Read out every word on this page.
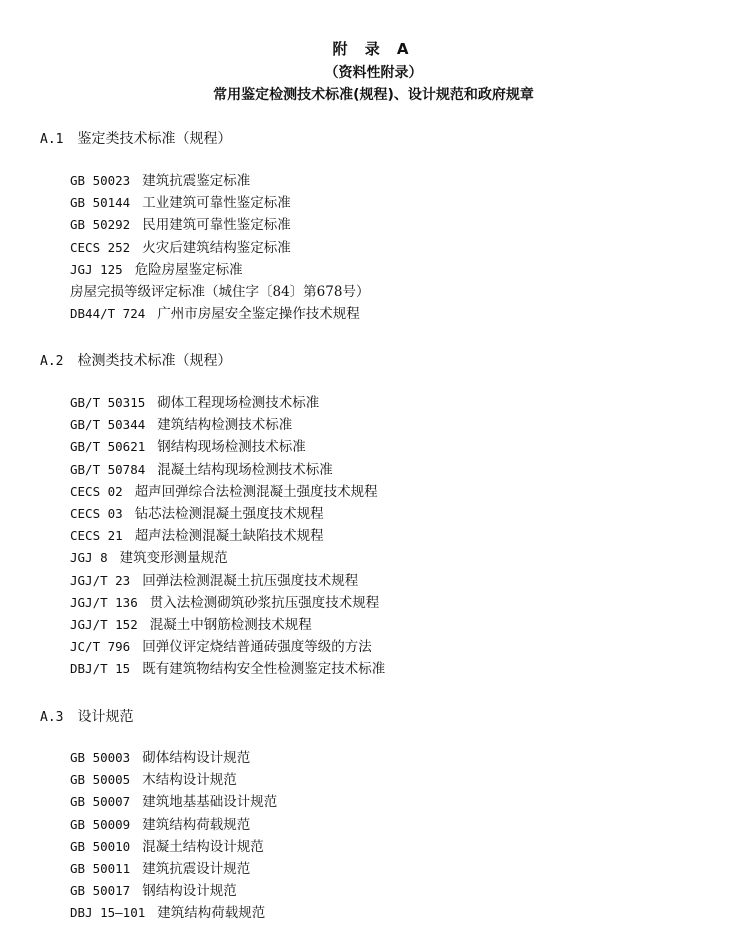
附 录 A
（资料性附录）
常用鉴定检测技术标准(规程)、设计规范和政府规章
A.1 鉴定类技术标准（规程）
GB 50023 建筑抗震鉴定标准
GB 50144 工业建筑可靠性鉴定标准
GB 50292 民用建筑可靠性鉴定标准
CECS 252 火灾后建筑结构鉴定标准
JGJ 125 危险房屋鉴定标准
房屋完损等级评定标准（城住字〔84〕第678号）
DB44/T 724 广州市房屋安全鉴定操作技术规程
A.2 检测类技术标准（规程）
GB/T 50315 砌体工程现场检测技术标准
GB/T 50344 建筑结构检测技术标准
GB/T 50621 钢结构现场检测技术标准
GB/T 50784 混凝土结构现场检测技术标准
CECS 02 超声回弹综合法检测混凝土强度技术规程
CECS 03 钻芯法检测混凝土强度技术规程
CECS 21 超声法检测混凝土缺陷技术规程
JGJ 8 建筑变形测量规范
JGJ/T 23 回弹法检测混凝土抗压强度技术规程
JGJ/T 136 贯入法检测砌筑砂浆抗压强度技术规程
JGJ/T 152 混凝土中钢筋检测技术规程
JC/T 796 回弹仪评定烧结普通砖强度等级的方法
DBJ/T 15 既有建筑物结构安全性检测鉴定技术标准
A.3 设计规范
GB 50003 砌体结构设计规范
GB 50005 木结构设计规范
GB 50007 建筑地基基础设计规范
GB 50009 建筑结构荷载规范
GB 50010 混凝土结构设计规范
GB 50011 建筑抗震设计规范
GB 50017 钢结构设计规范
DBJ 15—101 建筑结构荷载规范
